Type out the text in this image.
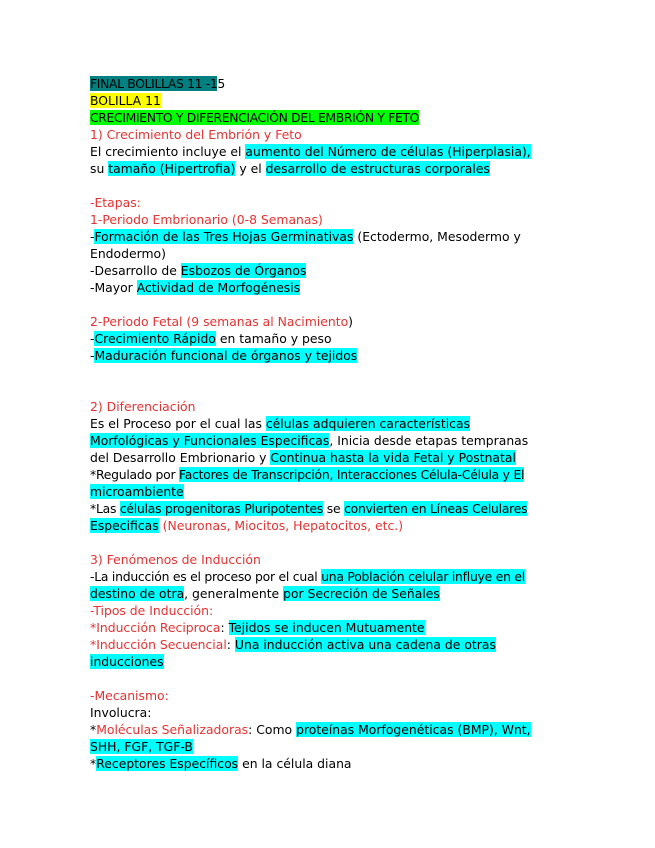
FINAL BOLILLAS 11 -15
BOLILLA 11
CRECIMIENTO Y DIFERENCIACIÓN DEL EMBRIÓN Y FETO
1) Crecimiento del Embrión y Feto
El crecimiento incluye el aumento del Número de células (Hiperplasia),
su tamaño (Hipertrofia) y el desarrollo de estructuras corporales
-Etapas:
1-Periodo Embrionario (0-8 Semanas)
-Formación de las Tres Hojas Germinativas (Ectodermo, Mesodermo y
Endodermo)
-Desarrollo de Esbozos de Órganos
-Mayor Actividad de Morfogénesis
2-Periodo Fetal (9 semanas al Nacimiento)
-Crecimiento Rápido en tamaño y peso
-Maduración funcional de órganos y tejidos
2) Diferenciación
Es el Proceso por el cual las células adquieren características
Morfológicas y Funcionales Especificas, Inicia desde etapas tempranas
del Desarrollo Embrionario y Continua hasta la vida Fetal y Postnatal
*Regulado por Factores de Transcripción, Interacciones Célula-Célula y El
microambiente
*Las células progenitoras Pluripotentes se convierten en Líneas Celulares
Especificas (Neuronas, Miocitos, Hepatocitos, etc.)
3) Fenómenos de Inducción
-La inducción es el proceso por el cual una Población celular influye en el
destino de otra, generalmente por Secreción de Señales
-Tipos de Inducción:
*Inducción Reciproca: Tejidos se inducen Mutuamente
*Inducción Secuencial: Una inducción activa una cadena de otras
inducciones
-Mecanismo:
Involucra:
*Moléculas Señalizadoras: Como proteínas Morfogenéticas (BMP), Wnt,
SHH, FGF, TGF-B
*Receptores Específicos en la célula diana
